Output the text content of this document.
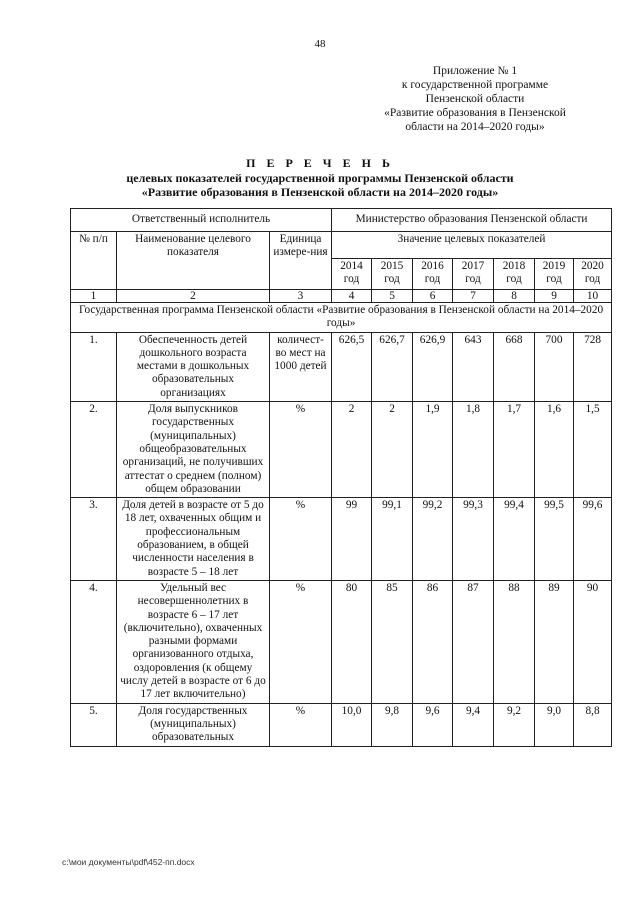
48
Приложение № 1
к государственной программе
Пензенской области
«Развитие образования в Пензенской
области на 2014–2020 годы»
П Е Р Е Ч Е Н Ь
целевых показателей государственной программы Пензенской области
«Развитие образования в Пензенской области на 2014–2020 годы»
Ответственный исполнитель			Министерство образования Пензенской области						
№ п/п	Наименование целевого показателя	Единица измере-ния	Значение целевых показателей						
			2014 год	2015 год	2016 год	2017 год	2018 год	2019 год	2020 год
1	2	3	4	5	6	7	8	9	10
Государственная программа Пензенской области «Развитие образования в Пензенской области на 2014–2020 годы»									
1.	Обеспеченность детей дошкольного возраста местами в дошкольных образовательных организациях	количест-во мест на 1000 детей	626,5	626,7	626,9	643	668	700	728
2.	Доля выпускников государственных (муниципальных) общеобразовательных организаций, не получивших аттестат о среднем (полном) общем образовании	%	2	2	1,9	1,8	1,7	1,6	1,5
3.	Доля детей в возрасте от 5 до 18 лет, охваченных общим и профессиональным образованием, в общей численности населения в возрасте 5 – 18 лет	%	99	99,1	99,2	99,3	99,4	99,5	99,6
4.	Удельный вес несовершеннолетних в возрасте 6 – 17 лет (включительно), охваченных разными формами организованного отдыха, оздоровления (к общему числу детей в возрасте от 6 до 17 лет включительно)	%	80	85	86	87	88	89	90
5.	Доля государственных (муниципальных) образовательных	%	10,0	9,8	9,6	9,4	9,2	9,0	8,8
c:\мои документы\pdf\452-пп.docx
